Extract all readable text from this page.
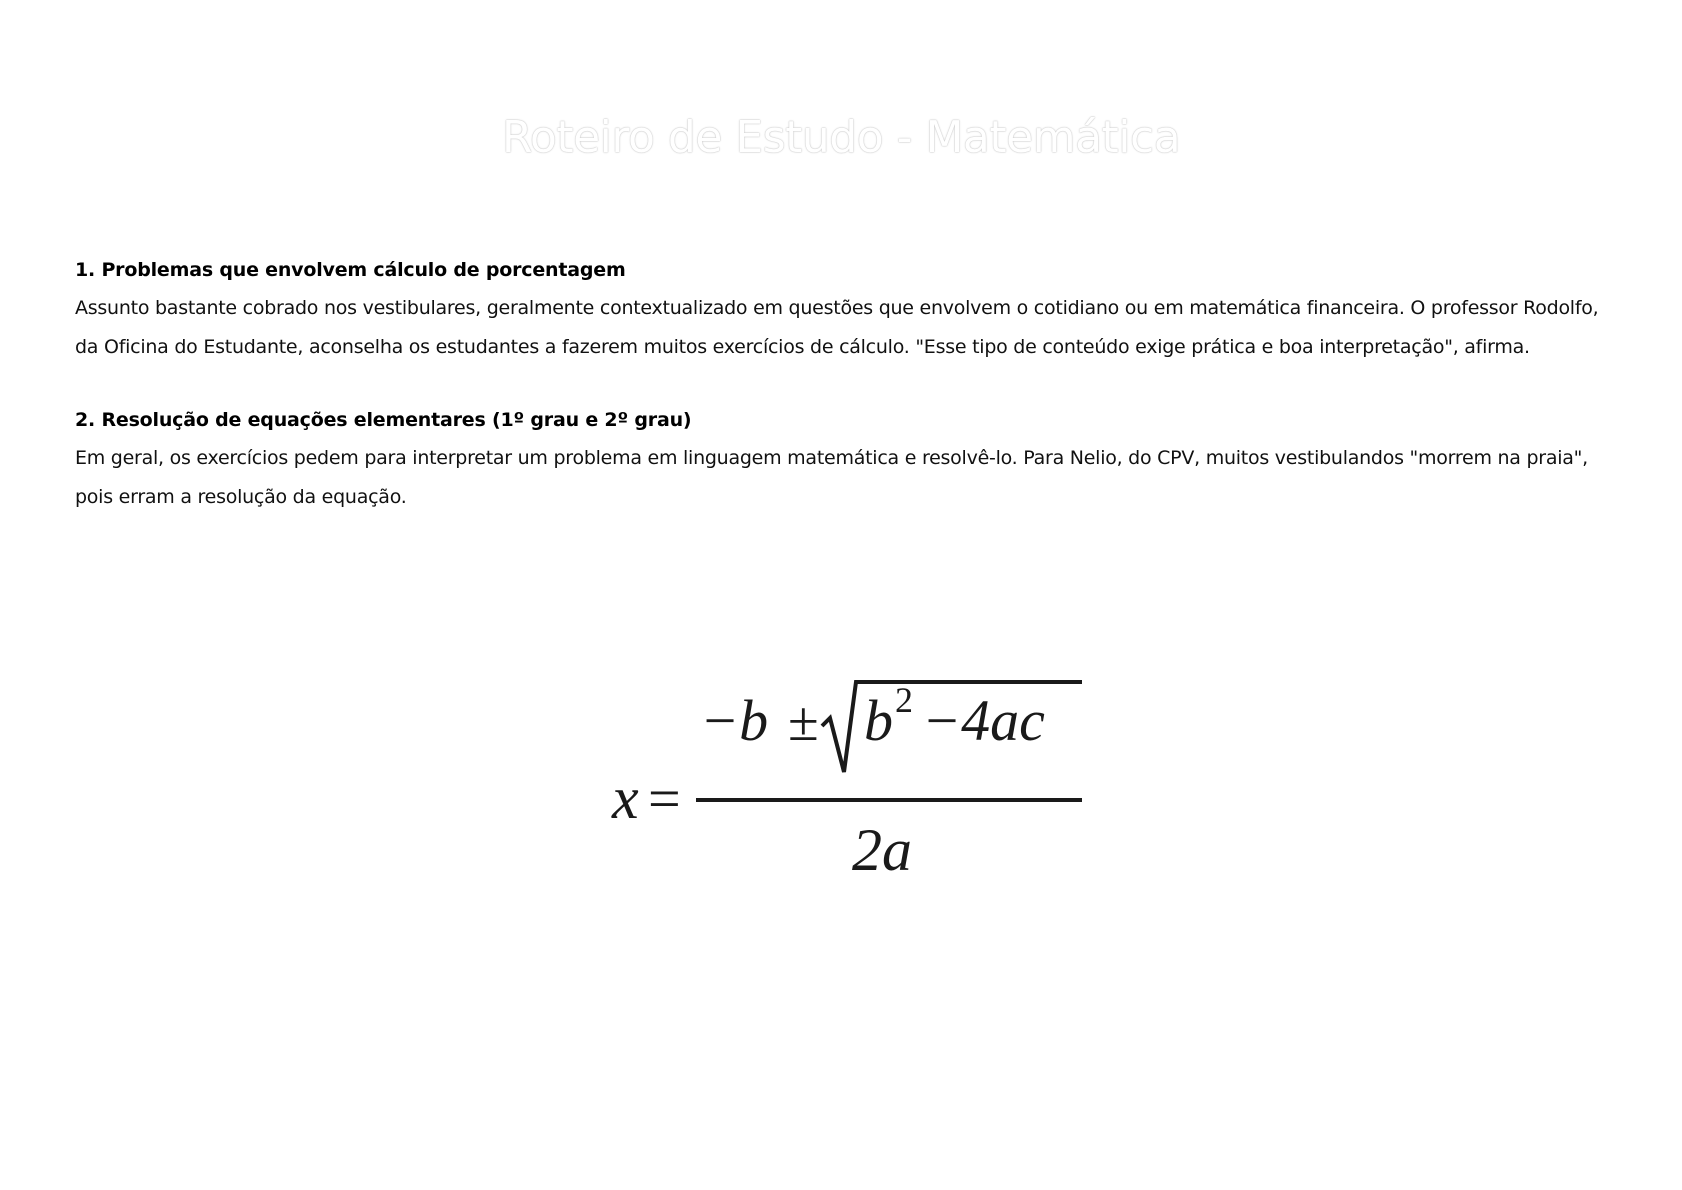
Roteiro de Estudo - Matemática

1. Problemas que envolvem cálculo de porcentagem

Assunto bastante cobrado nos vestibulares, geralmente contextualizado em questões que envolvem o cotidiano ou em matemática financeira. O professor Rodolfo, da Oficina do Estudante, aconselha os estudantes a fazerem muitos exercícios de cálculo. "Esse tipo de conteúdo exige prática e boa interpretação", afirma.

2. Resolução de equações elementares (1º grau e 2º grau)

Em geral, os exercícios pedem para interpretar um problema em linguagem matemática e resolvê-lo. Para Nelio, do CPV, muitos vestibulandos "morrem na praia", pois erram a resolução da equação.

x =
−b ± b 2 −4ac
2a
